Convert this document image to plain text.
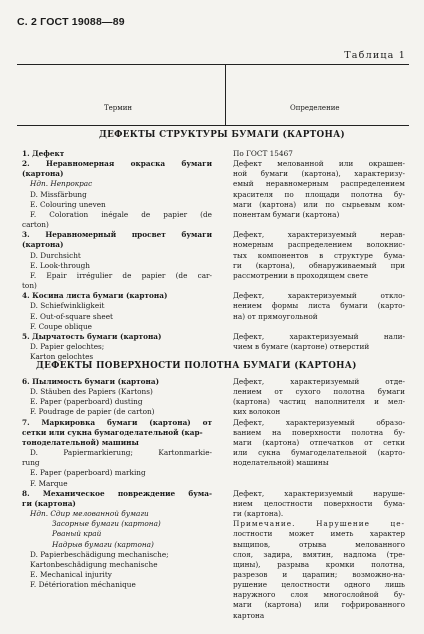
С. 2 ГОСТ 19088—89
Таблица 1
Термин	Определение
ДЕФЕКТЫ СТРУКТУРЫ БУМАГИ (КАРТОНА)
1. Дефект
2. Неравномерная окраска бумаги
(картона)
Ндп. Непрокрас
D. Missfärbung
E. Colouring uneven
F. Coloration inégale de papier (de
carton)
3. Неравномерный просвет бумаги
(картона)
D. Durchsicht
E. Look-through
F. Epair irrégulier de papier (de car-
ton)
4. Косина листа бумаги (картона)
D. Schiefwinkligkeit
E. Out-of-square sheet
F. Coupe oblique
5. Дырчатость бумаги (картона)
D. Papier gelochtes;
Karton gelochtes
По ГОСТ 15467
Дефект мелованной или окрашен-
ной бумаги (картона), характеризу-
емый неравномерным распределением
красителя по площади полотна бу-
маги (картона) или по сырьевым ком-
понентам бумаги (картона)

Дефект, характеризуемый нерав-
номерным распределением волокнис-
тых компонентов в структуре бума-
ги (картона), обнаруживаемый при
рассмотрении в проходящем свете

Дефект, характеризуемый откло-
нением формы листа бумаги (карто-
на) от прямоугольной

Дефект, характеризуемый нали-
чием в бумаге (картоне) отверстий
ДЕФЕКТЫ ПОВЕРХНОСТИ ПОЛОТНА БУМАГИ (КАРТОНА)
6. Пылимость бумаги (картона)
D. Stäuben des Papiers (Kartons)
E. Paper (paperboard) dusting
F. Poudrage de papier (de carton)
7. Маркировка бумаги (картона) от
сетки или сукна бумагоделательной (кар-
тоноделательной) машины
D. Papiermarkierung; Kartonmarkie-
rung
E. Paper (paperboard) marking
F. Marque
8. Механическое повреждение бума-
ги (картона)
Ндп. Сдир мелованной бумаги
Засорные бумаги (картона)
Рваный край
Надрыв бумаги (картона)
D. Papierbeschädigung mechanische;
Kartonbeschädigung mechanische
E. Mechanical injurity
F. Détérioration méchanique
Дефект, характеризуемый отде-
лением от сухого полотна бумаги
(картона) частиц наполнителя и мел-
ких волокон
Дефект, характеризуемый образо-
ванием на поверхности полотна бу-
маги (картона) отпечатков от сетки
или сукна бумагоделательной (карто-
ноделательной) машины

Дефект, характеризуемый наруше-
нием целостности поверхности бума-
ги (картона).
Примечание. Нарушение це-
лостности может иметь характер
выщипов, отрыва мелованного
слоя, задира, вмятин, надлома (тре-
щины), разрыва кромки полотна,
разрезов и царапин; возможно-на-
рушение целостности одного лишь
наружного слоя многослойной бу-
маги (картона) или гофрированного
картона
